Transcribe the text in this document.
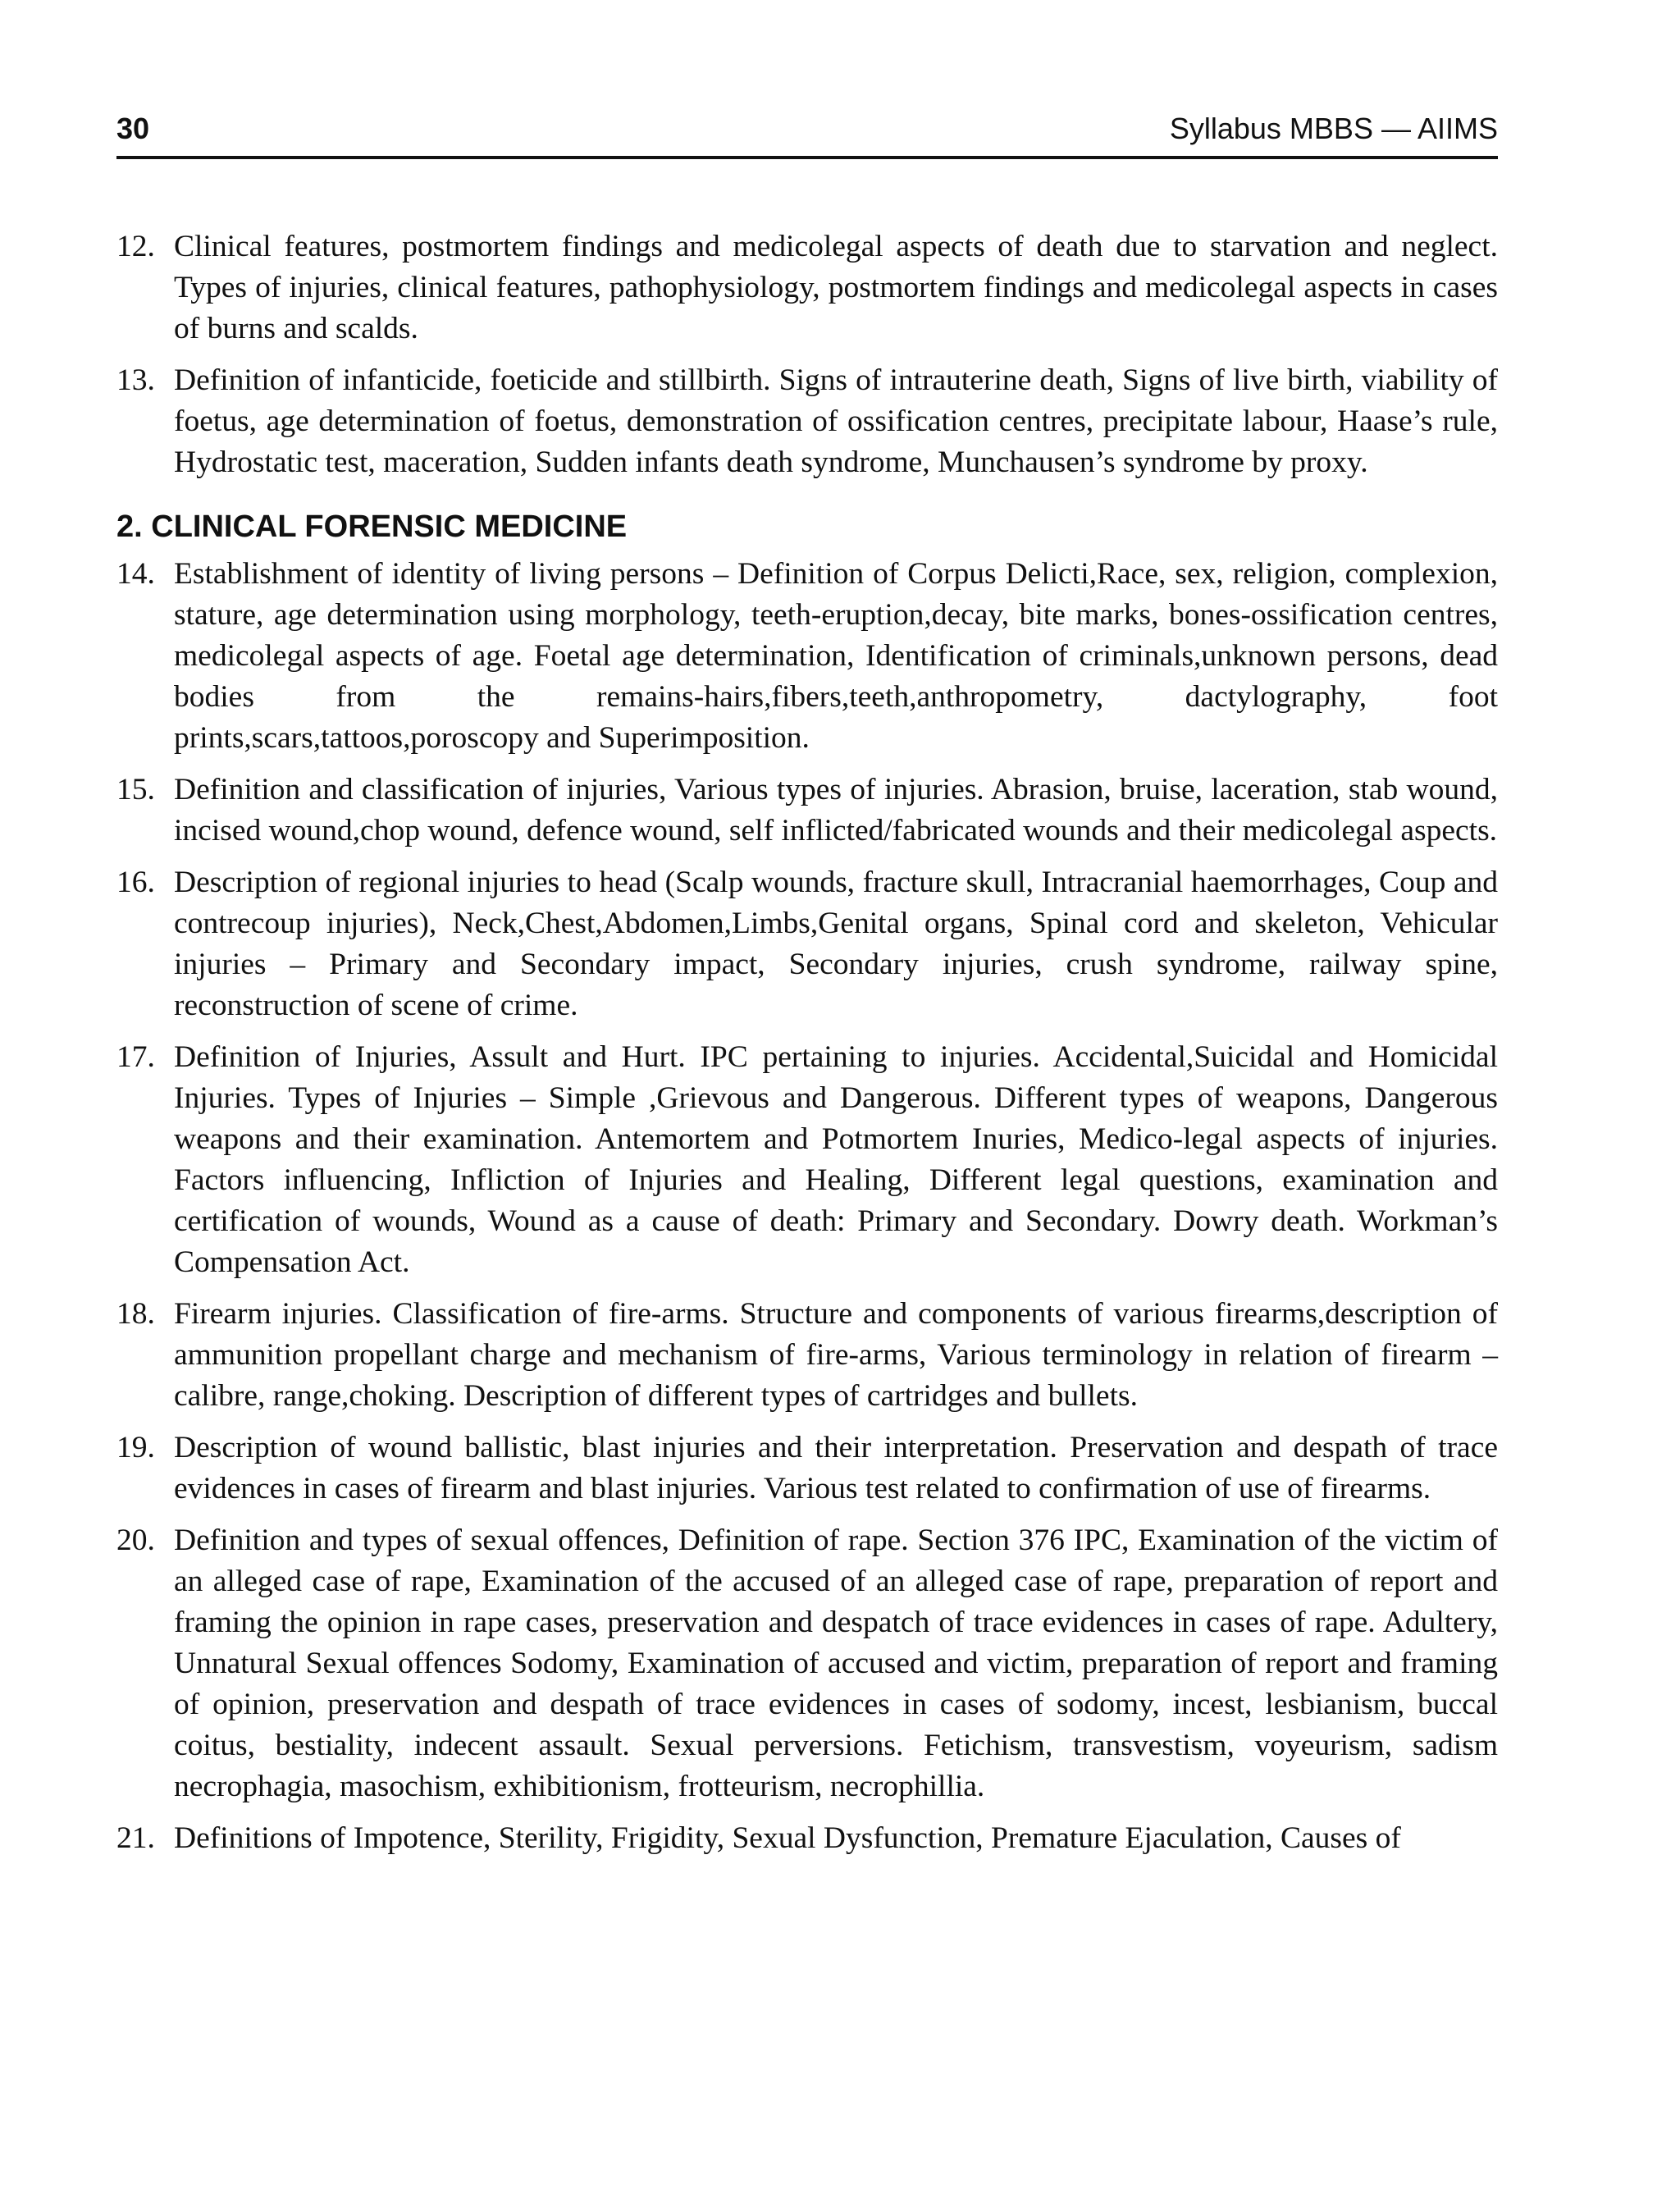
30	Syllabus MBBS — AIIMS
12. Clinical features, postmortem findings and medicolegal aspects of death due to starvation and neglect. Types of injuries, clinical features, pathophysiology, postmortem findings and medicolegal aspects in cases of burns and scalds.
13. Definition of infanticide, foeticide and stillbirth. Signs of intrauterine death, Signs of live birth, viability of foetus, age determination of foetus, demonstration of ossification centres, precipitate labour, Haase’s rule, Hydrostatic test, maceration, Sudden infants death syndrome, Munchausen’s syndrome by proxy.
2. CLINICAL FORENSIC MEDICINE
14. Establishment of identity of living persons – Definition of Corpus Delicti,Race, sex, religion, complexion, stature, age determination using morphology, teeth-eruption,decay, bite marks, bones-ossification centres, medicolegal aspects of age. Foetal age determination, Identification of criminals,unknown persons, dead bodies from the remains-hairs,fibers,teeth,anthropometry, dactylography, foot prints,scars,tattoos,poroscopy and Superimposition.
15. Definition and classification of injuries, Various types of injuries. Abrasion, bruise, laceration, stab wound, incised wound,chop wound, defence wound, self inflicted/fabricated wounds and their medicolegal aspects.
16. Description of regional injuries to head (Scalp wounds, fracture skull, Intracranial haemorrhages, Coup and contrecoup injuries), Neck,Chest,Abdomen,Limbs,Genital organs, Spinal cord and skeleton, Vehicular injuries – Primary and Secondary impact, Secondary injuries, crush syndrome, railway spine, reconstruction of scene of crime.
17. Definition of Injuries, Assult and Hurt. IPC pertaining to injuries. Accidental,Suicidal and Homicidal Injuries. Types of Injuries – Simple ,Grievous and Dangerous. Different types of weapons, Dangerous weapons and their examination. Antemortem and Potmortem Inuries, Medico-legal aspects of injuries. Factors influencing, Infliction of Injuries and Healing, Different legal questions, examination and certification of wounds, Wound as a cause of death: Primary and Secondary. Dowry death. Workman’s Compensation Act.
18. Firearm injuries. Classification of fire-arms. Structure and components of various firearms,description of ammunition propellant charge and mechanism of fire-arms, Various terminology in relation of firearm – calibre, range,choking. Description of different types of cartridges and bullets.
19. Description of wound ballistic, blast injuries and their interpretation. Preservation and despath of trace evidences in cases of firearm and blast injuries. Various test related to confirmation of use of firearms.
20. Definition and types of sexual offences, Definition of rape. Section 376 IPC, Examination of the victim of an alleged case of rape, Examination of the accused of an alleged case of rape, preparation of report and framing the opinion in rape cases, preservation and despatch of trace evidences in cases of rape. Adultery, Unnatural Sexual offences Sodomy, Examination of accused and victim, preparation of report and framing of opinion, preservation and despath of trace evidences in cases of sodomy, incest, lesbianism, buccal coitus, bestiality, indecent assault. Sexual perversions. Fetichism, transvestism, voyeurism, sadism necrophagia, masochism, exhibitionism, frotteurism, necrophillia.
21. Definitions of Impotence, Sterility, Frigidity, Sexual Dysfunction, Premature Ejaculation, Causes of
